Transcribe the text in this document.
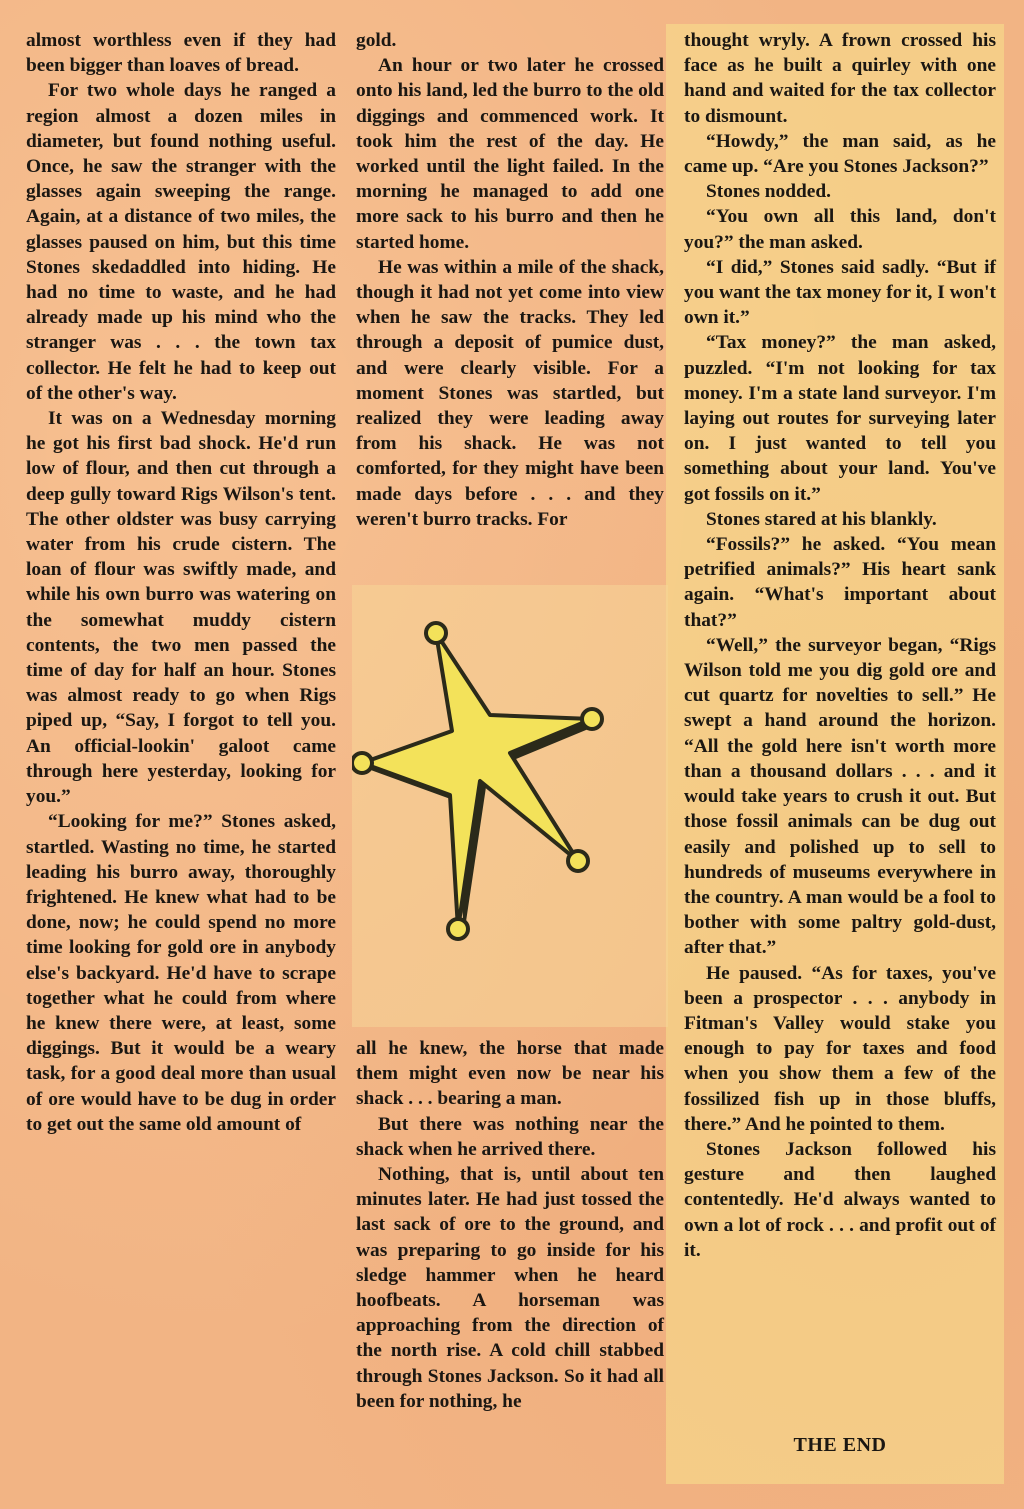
almost worthless even if they had been bigger than loaves of bread.

For two whole days he ranged a region almost a dozen miles in diameter, but found nothing useful. Once, he saw the stranger with the glasses again sweeping the range. Again, at a distance of two miles, the glasses paused on him, but this time Stones skedaddled into hiding. He had no time to waste, and he had already made up his mind who the stranger was . . . the town tax collector. He felt he had to keep out of the other's way.

It was on a Wednesday morning he got his first bad shock. He'd run low of flour, and then cut through a deep gully toward Rigs Wilson's tent. The other oldster was busy carrying water from his crude cistern. The loan of flour was swiftly made, and while his own burro was watering on the somewhat muddy cistern contents, the two men passed the time of day for half an hour. Stones was almost ready to go when Rigs piped up, “Say, I forgot to tell you. An official-lookin' galoot came through here yesterday, looking for you.”

“Looking for me?” Stones asked, startled. Wasting no time, he started leading his burro away, thoroughly frightened. He knew what had to be done, now; he could spend no more time looking for gold ore in anybody else's backyard. He'd have to scrape together what he could from where he knew there were, at least, some diggings. But it would be a weary task, for a good deal more than usual of ore would have to be dug in order to get out the same old amount of

gold.

An hour or two later he crossed onto his land, led the burro to the old diggings and commenced work. It took him the rest of the day. He worked until the light failed. In the morning he managed to add one more sack to his burro and then he started home.

He was within a mile of the shack, though it had not yet come into view when he saw the tracks. They led through a deposit of pumice dust, and were clearly visible. For a moment Stones was startled, but realized they were leading away from his shack. He was not comforted, for they might have been made days before . . . and they weren't burro tracks. For

all he knew, the horse that made them might even now be near his shack . . . bearing a man.

But there was nothing near the shack when he arrived there.

Nothing, that is, until about ten minutes later. He had just tossed the last sack of ore to the ground, and was preparing to go inside for his sledge hammer when he heard hoofbeats. A horseman was approaching from the direction of the north rise. A cold chill stabbed through Stones Jackson. So it had all been for nothing, he

thought wryly. A frown crossed his face as he built a quirley with one hand and waited for the tax collector to dismount.

“Howdy,” the man said, as he came up. “Are you Stones Jackson?”

Stones nodded.

“You own all this land, don't you?” the man asked.

“I did,” Stones said sadly. “But if you want the tax money for it, I won't own it.”

“Tax money?” the man asked, puzzled. “I'm not looking for tax money. I'm a state land surveyor. I'm laying out routes for surveying later on. I just wanted to tell you something about your land. You've got fossils on it.”

Stones stared at his blankly.

“Fossils?” he asked. “You mean petrified animals?” His heart sank again. “What's important about that?”

“Well,” the surveyor began, “Rigs Wilson told me you dig gold ore and cut quartz for novelties to sell.” He swept a hand around the horizon. “All the gold here isn't worth more than a thousand dollars . . . and it would take years to crush it out. But those fossil animals can be dug out easily and polished up to sell to hundreds of museums everywhere in the country. A man would be a fool to bother with some paltry gold-dust, after that.”

He paused. “As for taxes, you've been a prospector . . . anybody in Fitman's Valley would stake you enough to pay for taxes and food when you show them a few of the fossilized fish up in those bluffs, there.” And he pointed to them.

Stones Jackson followed his gesture and then laughed contentedly. He'd always wanted to own a lot of rock . . . and profit out of it.

THE END
